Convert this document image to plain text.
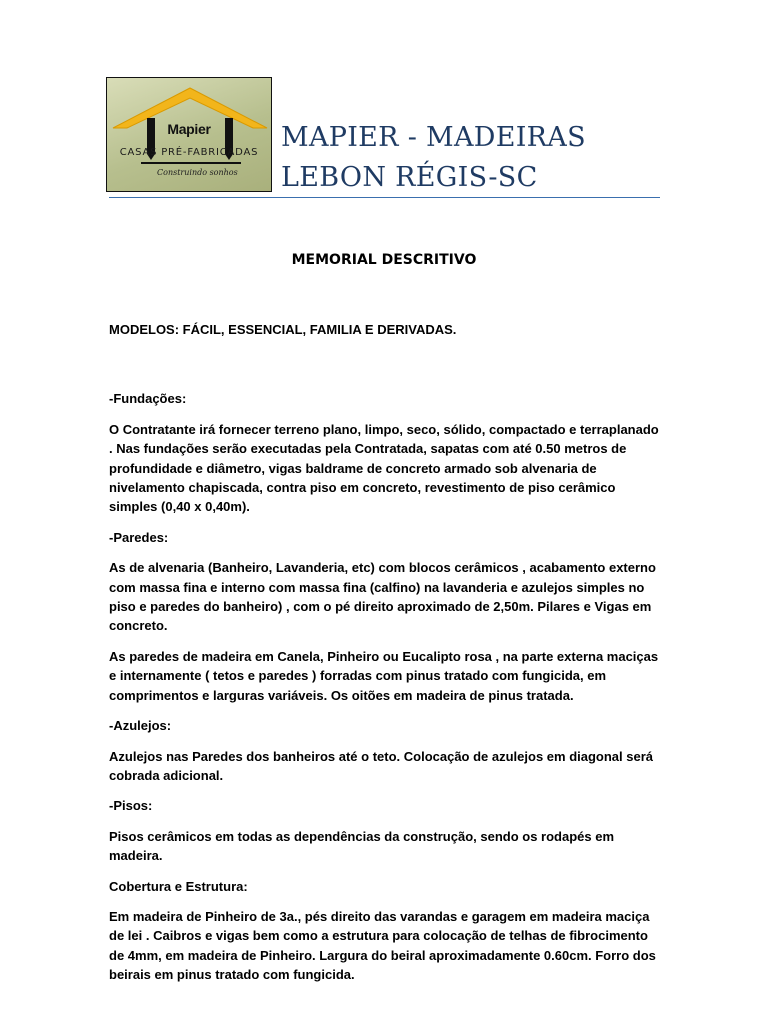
Mapier
CASAS PRÉ-FABRICADAS
Construindo sonhos
MAPIER - MADEIRAS
LEBON RÉGIS-SC
MEMORIAL DESCRITIVO

MODELOS: FÁCIL, ESSENCIAL, FAMILIA E DERIVADAS.

-Fundações:

O Contratante irá fornecer terreno plano, limpo, seco, sólido, compactado e terraplanado . Nas fundações serão executadas pela Contratada, sapatas com até 0.50 metros de profundidade e diâmetro, vigas baldrame de concreto armado sob alvenaria de nivelamento chapiscada, contra piso em concreto, revestimento de piso cerâmico simples (0,40 x 0,40m).

-Paredes:

As de alvenaria (Banheiro, Lavanderia, etc) com blocos cerâmicos , acabamento externo com massa fina e interno com massa fina (calfino) na lavanderia e azulejos simples no piso e paredes do banheiro) , com o pé direito aproximado de 2,50m. Pilares e Vigas em concreto.

As paredes de madeira em Canela, Pinheiro ou Eucalipto rosa , na parte externa maciças e internamente ( tetos e paredes ) forradas com pinus tratado com fungicida, em comprimentos e larguras variáveis. Os oitões em madeira de pinus tratada.

-Azulejos:

Azulejos nas Paredes dos banheiros até o teto. Colocação de azulejos em diagonal será cobrada adicional.

-Pisos:

Pisos cerâmicos em todas as dependências da construção, sendo os rodapés em madeira.

Cobertura e Estrutura:

Em madeira de Pinheiro de 3a., pés direito das varandas e garagem em madeira maciça de lei . Caibros e vigas bem como a estrutura para colocação de telhas de fibrocimento de 4mm, em madeira de Pinheiro. Largura do beiral aproximadamente 0.60cm. Forro dos beirais em pinus tratado com fungicida.
